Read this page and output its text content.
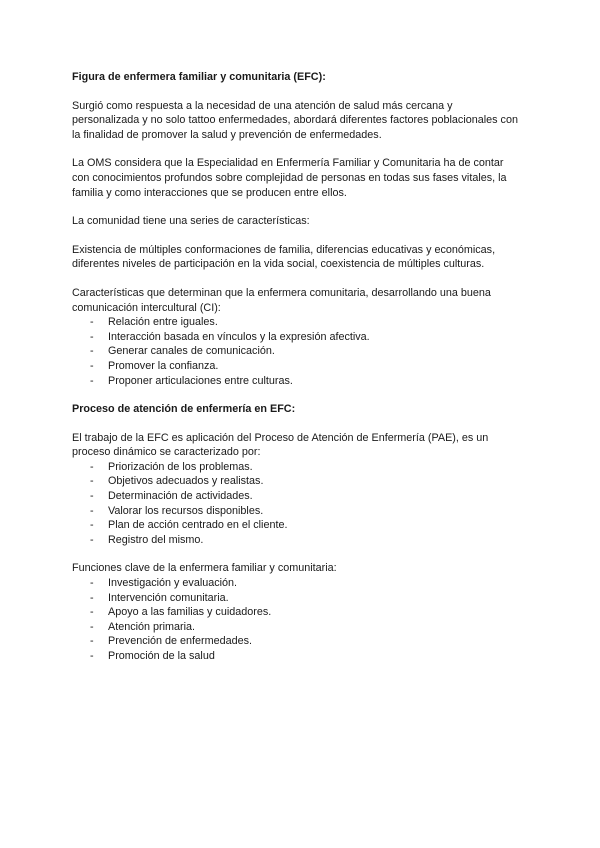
Figura de enfermera familiar y comunitaria (EFC):

Surgió como respuesta a la necesidad de una atención de salud más cercana y personalizada y no solo tattoo enfermedades, abordará diferentes factores poblacionales con la finalidad de promover la salud y prevención de enfermedades.

La OMS considera que la Especialidad en Enfermería Familiar y Comunitaria ha de contar con conocimientos profundos sobre complejidad de personas en todas sus fases vitales, la familia y como interacciones que se producen entre ellos.

La comunidad tiene una series de características:

Existencia de múltiples conformaciones de familia, diferencias educativas y económicas, diferentes niveles de participación en la vida social, coexistencia de múltiples culturas.

Características que determinan que la enfermera comunitaria, desarrollando una buena comunicación intercultural (CI):

- Relación entre iguales.
- Interacción basada en vínculos y la expresión afectiva.
- Generar canales de comunicación.
- Promover la confianza.
- Proponer articulaciones entre culturas.

Proceso de atención de enfermería en EFC:

El trabajo de la EFC es aplicación del Proceso de Atención de Enfermería (PAE), es un proceso dinámico se caracterizado por:

- Priorización de los problemas.
- Objetivos adecuados y realistas.
- Determinación de actividades.
- Valorar los recursos disponibles.
- Plan de acción centrado en el cliente.
- Registro del mismo.

Funciones clave de la enfermera familiar y comunitaria:

- Investigación y evaluación.
- Intervención comunitaria.
- Apoyo a las familias y cuidadores.
- Atención primaria.
- Prevención de enfermedades.
- Promoción de la salud
